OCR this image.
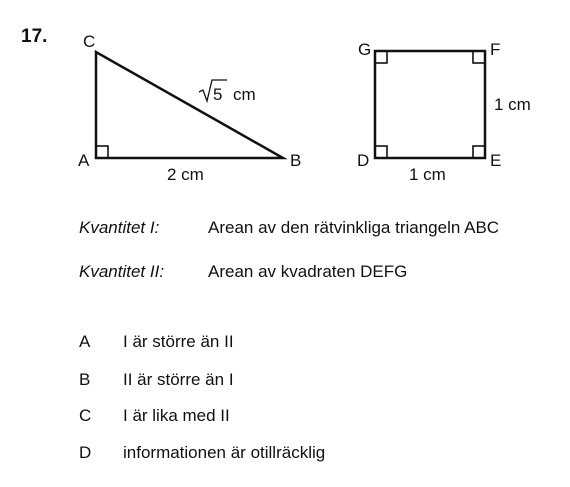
17. C
A	B
5 cm
2 cm
G	F
D	E
1 cm
1 cm
Kvantitet I:	Arean av den rätvinkliga triangeln ABC
Kvantitet II:	Arean av kvadraten DEFG
A I är större än II
B II är större än I
C I är lika med II
D informationen är otillräcklig
